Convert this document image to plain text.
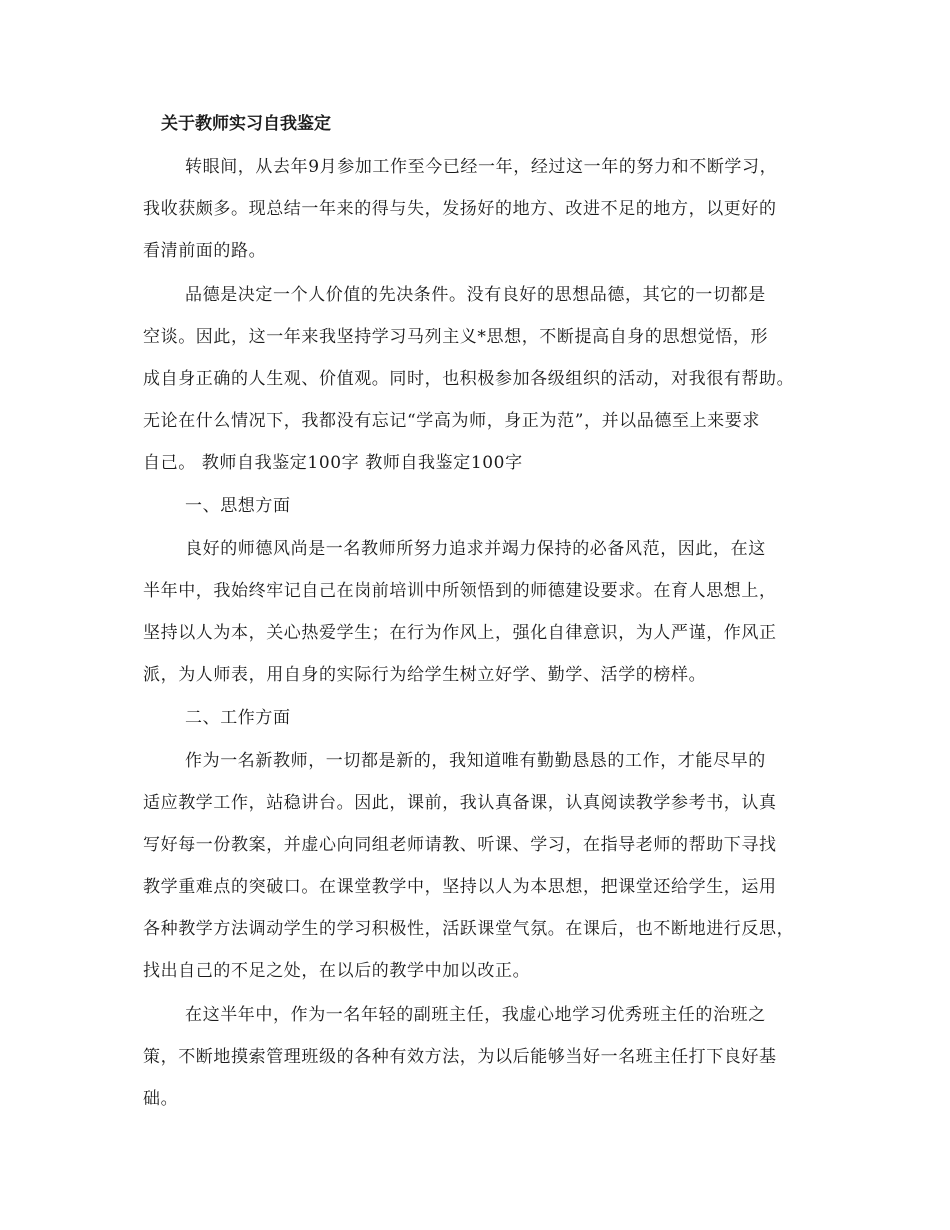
关于教师实习自我鉴定
转眼间，从去年9月参加工作至今已经一年，经过这一年的努力和不断学习，
我收获颇多。现总结一年来的得与失，发扬好的地方、改进不足的地方，以更好的
看清前面的路。
品德是决定一个人价值的先决条件。没有良好的思想品德，其它的一切都是
空谈。因此，这一年来我坚持学习马列主义*思想，不断提高自身的思想觉悟，形
成自身正确的人生观、价值观。同时，也积极参加各级组织的活动，对我很有帮助。
无论在什么情况下，我都没有忘记“学高为师，身正为范”，并以品德至上来要求
自己。 教师自我鉴定100字 教师自我鉴定100字
一、思想方面
良好的师德风尚是一名教师所努力追求并竭力保持的必备风范，因此，在这
半年中，我始终牢记自己在岗前培训中所领悟到的师德建设要求。在育人思想上，
坚持以人为本，关心热爱学生；在行为作风上，强化自律意识，为人严谨，作风正
派，为人师表，用自身的实际行为给学生树立好学、勤学、活学的榜样。
二、工作方面
作为一名新教师，一切都是新的，我知道唯有勤勤恳恳的工作，才能尽早的
适应教学工作，站稳讲台。因此，课前，我认真备课，认真阅读教学参考书，认真
写好每一份教案，并虚心向同组老师请教、听课、学习，在指导老师的帮助下寻找
教学重难点的突破口。在课堂教学中，坚持以人为本思想，把课堂还给学生，运用
各种教学方法调动学生的学习积极性，活跃课堂气氛。在课后，也不断地进行反思，
找出自己的不足之处，在以后的教学中加以改正。
在这半年中，作为一名年轻的副班主任，我虚心地学习优秀班主任的治班之
策，不断地摸索管理班级的各种有效方法，为以后能够当好一名班主任打下良好基
础。
